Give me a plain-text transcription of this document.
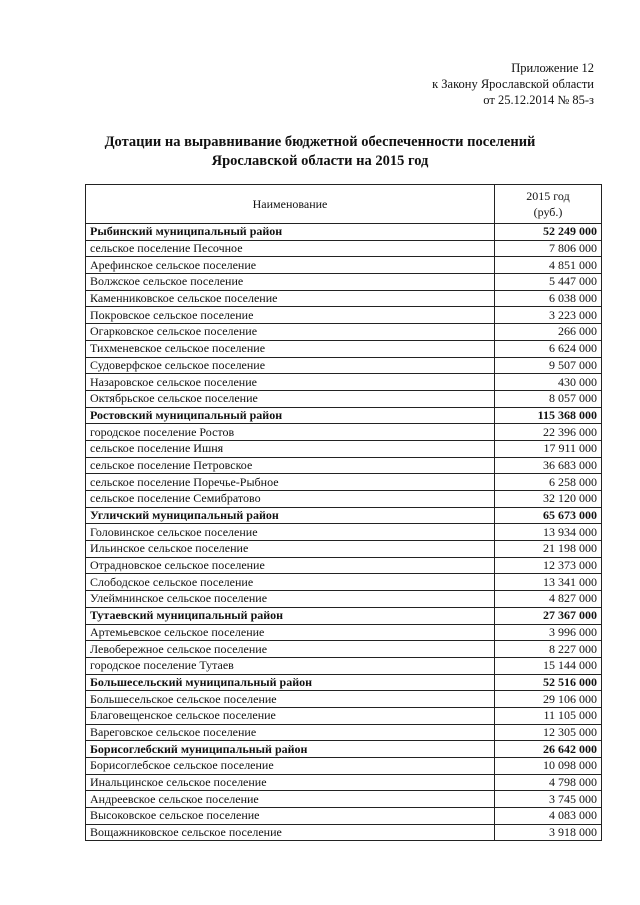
Приложение 12
к Закону Ярославской области
от 25.12.2014 № 85-з
Дотации на выравнивание бюджетной обеспеченности поселений
Ярославской области на 2015 год
Наименование	2015 год
(руб.)

Рыбинский муниципальный район	52 249 000
сельское поселение Песочное	7 806 000
Арефинское сельское поселение	4 851 000
Волжское сельское поселение	5 447 000
Каменниковское сельское поселение	6 038 000
Покровское сельское поселение	3 223 000
Огарковское сельское поселение	266 000
Тихменевское сельское поселение	6 624 000
Судоверфское сельское поселение	9 507 000
Назаровское сельское поселение	430 000
Октябрьское сельское поселение	8 057 000
Ростовский муниципальный район	115 368 000
городское поселение Ростов	22 396 000
сельское поселение Ишня	17 911 000
сельское поселение Петровское	36 683 000
сельское поселение Поречье-Рыбное	6 258 000
сельское поселение Семибратово	32 120 000
Угличский муниципальный район	65 673 000
Головинское сельское поселение	13 934 000
Ильинское сельское поселение	21 198 000
Отрадновское сельское поселение	12 373 000
Слободское сельское поселение	13 341 000
Улеймнинское сельское поселение	4 827 000
Тутаевский муниципальный район	27 367 000
Артемьевское сельское поселение	3 996 000
Левобережное сельское поселение	8 227 000
городское поселение Тутаев	15 144 000
Большесельский муниципальный район	52 516 000
Большесельское сельское поселение	29 106 000
Благовещенское сельское поселение	11 105 000
Вареговское сельское поселение	12 305 000
Борисоглебский муниципальный район	26 642 000
Борисоглебское сельское поселение	10 098 000
Инальцинское сельское поселение	4 798 000
Андреевское сельское поселение	3 745 000
Высоковское сельское поселение	4 083 000
Вощажниковское сельское поселение	3 918 000
